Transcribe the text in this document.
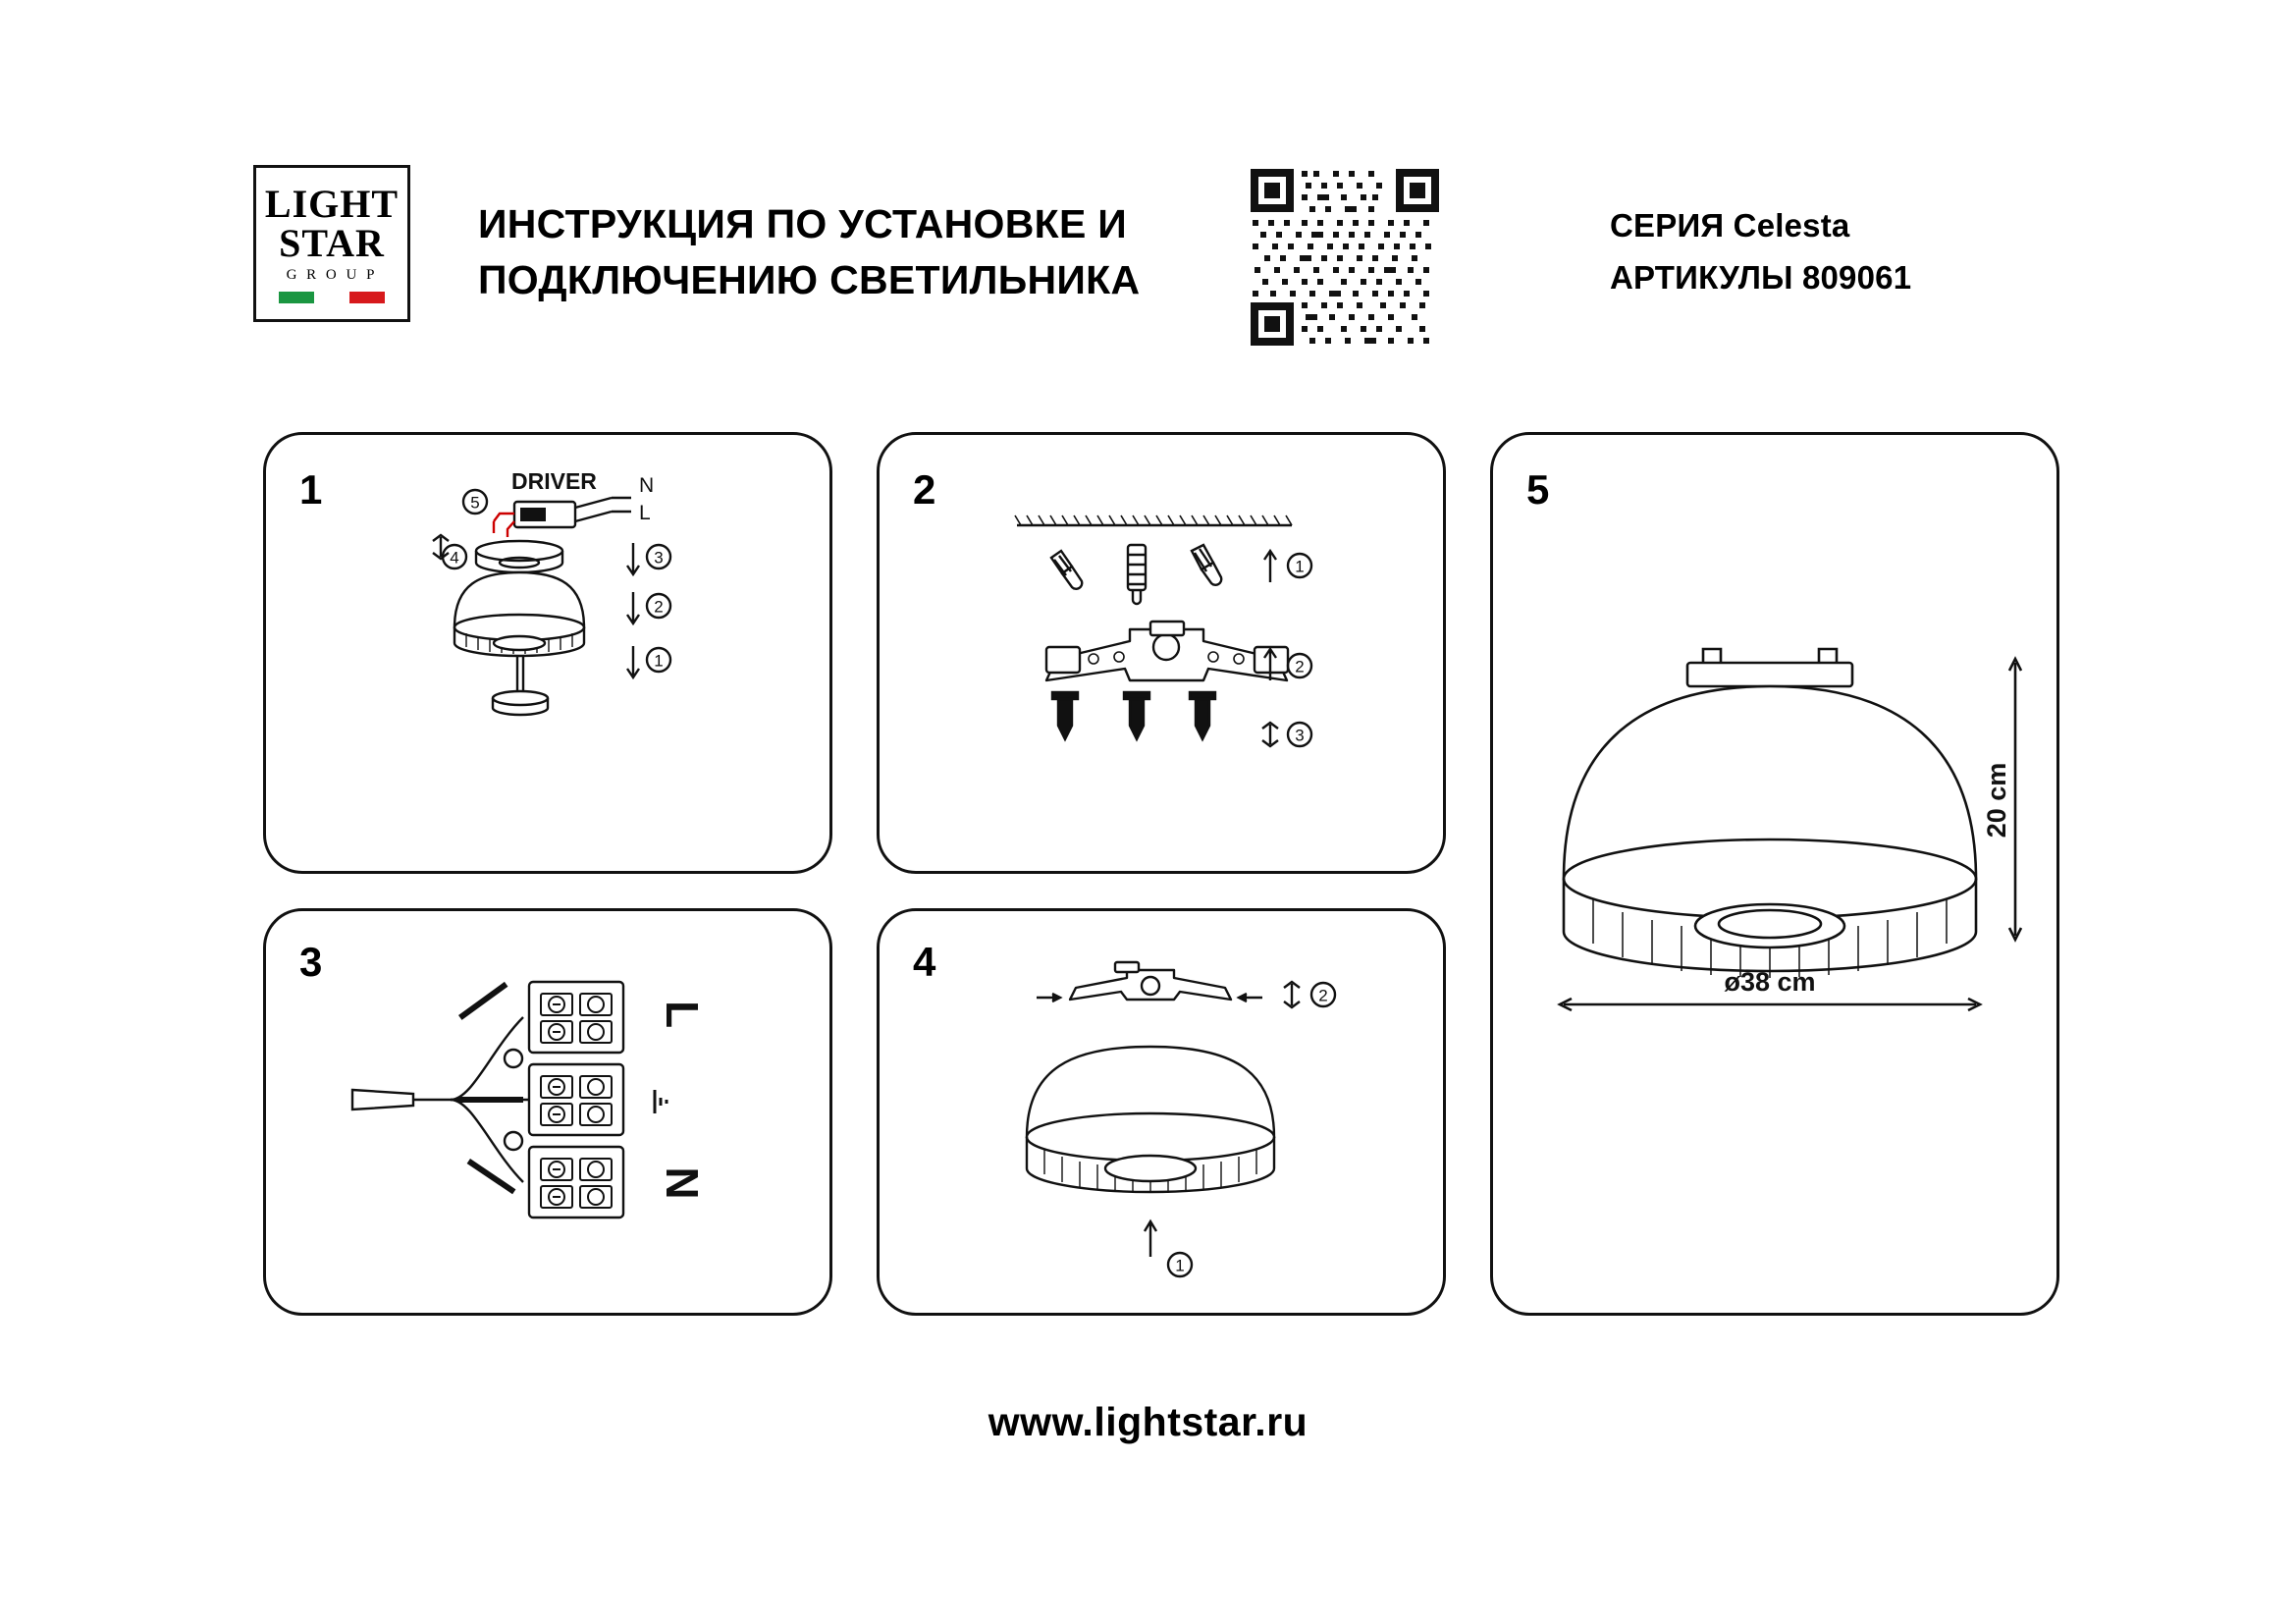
LIGHT
STAR
G R O U P
ИНСТРУКЦИЯ ПО УСТАНОВКЕ И ПОДКЛЮЧЕНИЮ СВЕТИЛЬНИКА
СЕРИЯ Celesta
АРТИКУЛЫ 809061
1	5
4	3
2
1
DRIVER N
L
2
1
2
3
3
L
N
4
2
1
5
20 cm
ø38 cm
www.lightstar.ru
